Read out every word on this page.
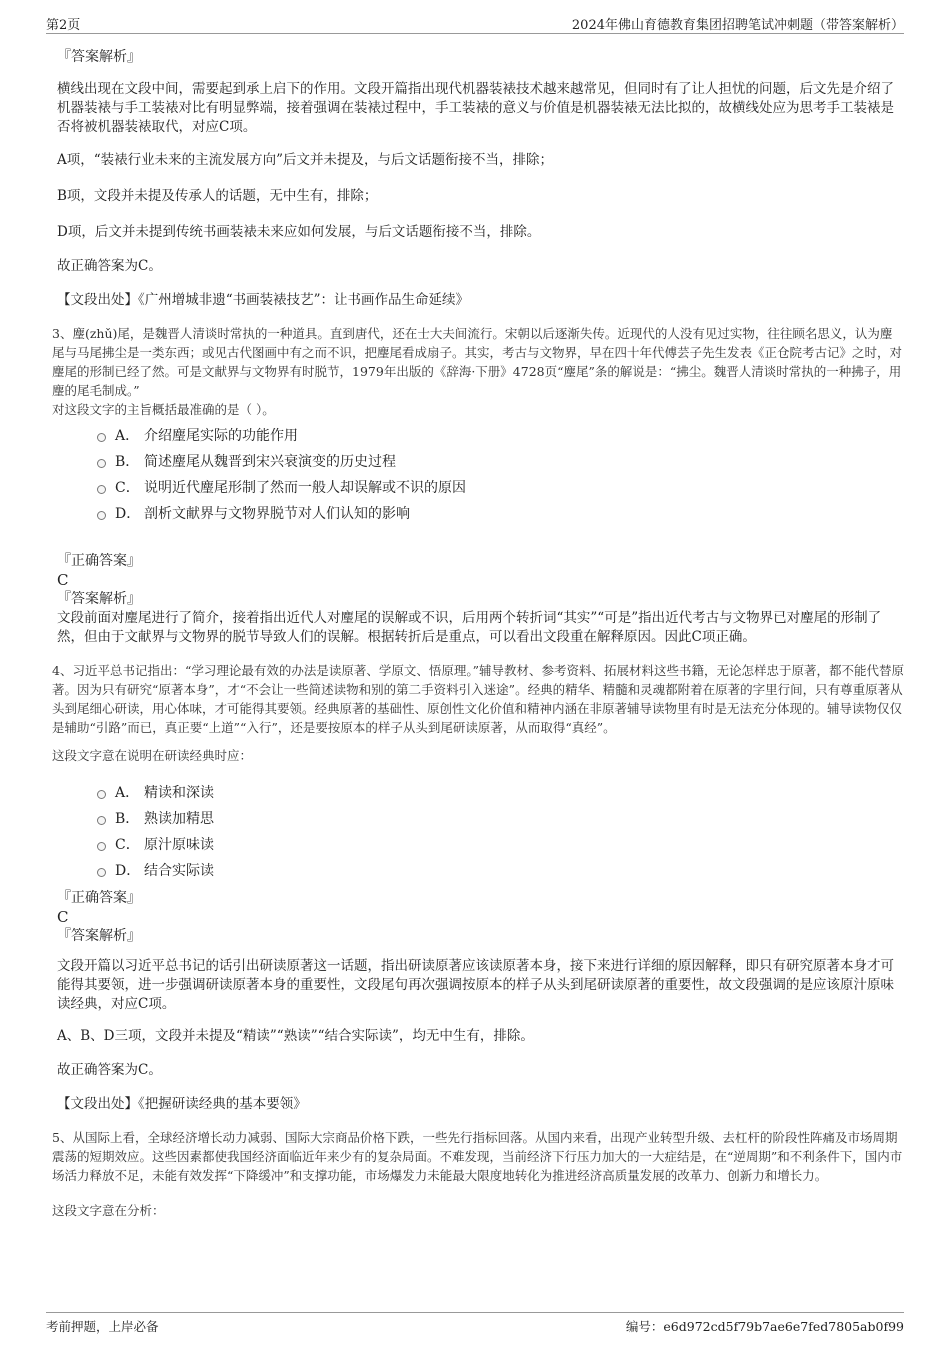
第2页	2024年佛山育德教育集团招聘笔试冲刺题（带答案解析）
『答案解析』
横线出现在文段中间，需要起到承上启下的作用。文段开篇指出现代机器装裱技术越来越常见，但同时有了让人担忧的问题，后文先是介绍了机器装裱与手工装裱对比有明显弊端，接着强调在装裱过程中，手工装裱的意义与价值是机器装裱无法比拟的，故横线处应为思考手工装裱是否将被机器装裱取代，对应C项。
A项，“装裱行业未来的主流发展方向”后文并未提及，与后文话题衔接不当，排除；
B项，文段并未提及传承人的话题，无中生有，排除；
D项，后文并未提到传统书画装裱未来应如何发展，与后文话题衔接不当，排除。
故正确答案为C。
【文段出处】《广州增城非遗“书画装裱技艺”：让书画作品生命延续》
3、麈(zhǔ)尾，是魏晋人清谈时常执的一种道具。直到唐代，还在士大夫间流行。宋朝以后逐渐失传。近现代的人没有见过实物，往往顾名思义，认为麈尾与马尾拂尘是一类东西；或见古代图画中有之而不识，把麈尾看成扇子。其实，考古与文物界，早在四十年代傅芸子先生发表《正仓院考古记》之时，对麈尾的形制已经了然。可是文献界与文物界有时脱节，1979年出版的《辞海·下册》4728页“麈尾”条的解说是：“拂尘。魏晋人清谈时常执的一种拂子，用麈的尾毛制成。”
对这段文字的主旨概括最准确的是（ ）。
A． 介绍麈尾实际的功能作用
B． 简述麈尾从魏晋到宋兴衰演变的历史过程
C． 说明近代麈尾形制了然而一般人却误解或不识的原因
D． 剖析文献界与文物界脱节对人们认知的影响
『正确答案』
C
『答案解析』
文段前面对麈尾进行了简介，接着指出近代人对麈尾的误解或不识，后用两个转折词“其实”“可是”指出近代考古与文物界已对麈尾的形制了然，但由于文献界与文物界的脱节导致人们的误解。根据转折后是重点，可以看出文段重在解释原因。因此C项正确。
4、习近平总书记指出：“学习理论最有效的办法是读原著、学原文、悟原理。”辅导教材、参考资料、拓展材料这些书籍，无论怎样忠于原著，都不能代替原著。因为只有研究“原著本身”，才“不会让一些简述读物和别的第二手资料引入迷途”。经典的精华、精髓和灵魂都附着在原著的字里行间，只有尊重原著从头到尾细心研读，用心体味，才可能得其要领。经典原著的基础性、原创性文化价值和精神内涵在非原著辅导读物里有时是无法充分体现的。辅导读物仅仅是辅助“引路”而已，真正要“上道”“入行”，还是要按原本的样子从头到尾研读原著，从而取得“真经”。
这段文字意在说明在研读经典时应：
A． 精读和深读
B． 熟读加精思
C． 原汁原味读
D． 结合实际读
『正确答案』
C
『答案解析』
文段开篇以习近平总书记的话引出研读原著这一话题，指出研读原著应该读原著本身，接下来进行详细的原因解释，即只有研究原著本身才可能得其要领，进一步强调研读原著本身的重要性，文段尾句再次强调按原本的样子从头到尾研读原著的重要性，故文段强调的是应该原汁原味读经典，对应C项。
A、B、D三项，文段并未提及“精读”“熟读”“结合实际读”，均无中生有，排除。
故正确答案为C。
【文段出处】《把握研读经典的基本要领》
5、从国际上看，全球经济增长动力减弱、国际大宗商品价格下跌，一些先行指标回落。从国内来看，出现产业转型升级、去杠杆的阶段性阵痛及市场周期震荡的短期效应。这些因素都使我国经济面临近年来少有的复杂局面。不难发现，当前经济下行压力加大的一大症结是，在“逆周期”和不利条件下，国内市场活力释放不足，未能有效发挥“下降缓冲”和支撑功能，市场爆发力未能最大限度地转化为推进经济高质量发展的改革力、创新力和增长力。
这段文字意在分析：
考前押题，上岸必备	编号：e6d972cd5f79b7ae6e7fed7805ab0f99
